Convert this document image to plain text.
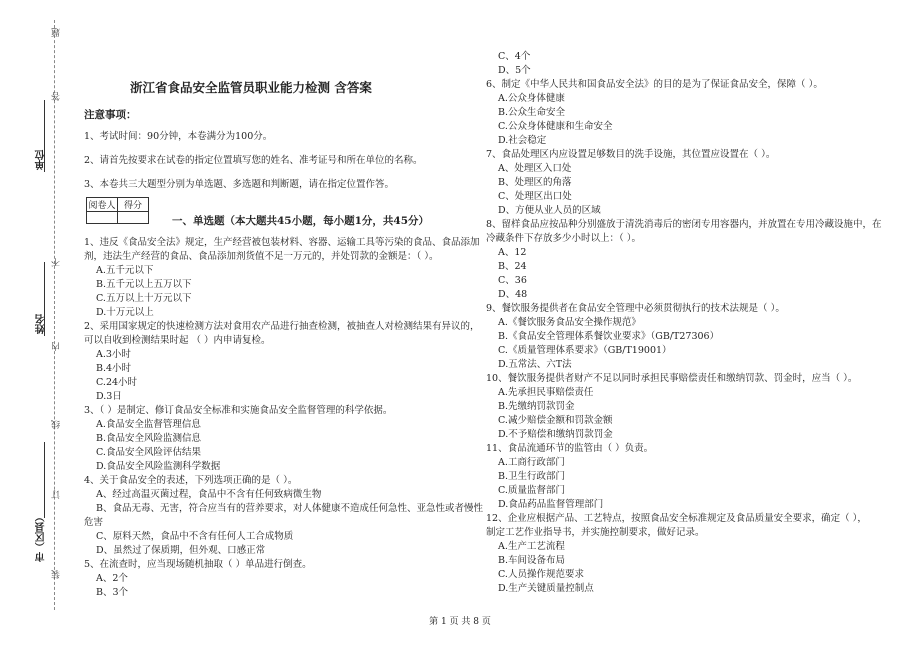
题
答
不
内
线
订
装
单位
姓名
市（区县）
浙江省食品安全监管员职业能力检测 含答案

注意事项：

1、考试时间：90分钟，本卷满分为100分。

2、请首先按要求在试卷的指定位置填写您的姓名、准考证号和所在单位的名称。

3、本卷共三大题型分别为单选题、多选题和判断题，请在指定位置作答。

阅卷人	得分

一、单选题（本大题共45小题，每小题1分，共45分）

1、违反《食品安全法》规定，生产经营被包装材料、容器、运输工具等污染的食品、食品添加

剂，违法生产经营的食品、食品添加剂货值不足一万元的，并处罚款的金额是：（ ）。

A.五千元以下

B.五千元以上五万以下

C.五万以上十万元以下

D.十万元以上

2、采用国家规定的快速检测方法对食用农产品进行抽查检测，被抽查人对检测结果有异议的，

可以自收到检测结果时起 （ ）内申请复检。

A.3小时

B.4小时

C.24小时

D.3日

3、（ ）是制定、修订食品安全标准和实施食品安全监督管理的科学依据。

A.食品安全监督管理信息

B.食品安全风险监测信息

C.食品安全风险评估结果

D.食品安全风险监测科学数据

4、关于食品安全的表述，下列选项正确的是（ ）。

A、经过高温灭菌过程，食品中不含有任何致病微生物

B、食品无毒、无害，符合应当有的营养要求，对人体健康不造成任何急性、亚急性或者慢性

危害

C、原料天然，食品中不含有任何人工合成物质

D、虽然过了保质期，但外观、口感正常

5、在流查时，应当现场随机抽取（ ）单品进行倒查。

A、2个

B、3个

C、4个

D、5个

6、制定《中华人民共和国食品安全法》的目的是为了保证食品安全，保障（ ）。

A.公众身体健康

B.公众生命安全

C.公众身体健康和生命安全

D.社会稳定

7、食品处理区内应设置足够数目的洗手设施，其位置应设置在（ ）。

A、处理区入口处

B、处理区的角落

C、处理区出口处

D、方便从业人员的区域

8、留样食品应按品种分别盛放于清洗消毒后的密闭专用容器内，并放置在专用冷藏设施中，在

冷藏条件下存放多少小时以上：（ ）。

A、12

B、24

C、36

D、48

9、餐饮服务提供者在食品安全管理中必须贯彻执行的技术法规是（ ）。

A.《餐饮服务食品安全操作规范》

B.《食品安全管理体系餐饮业要求》（GB/T27306）

C.《质量管理体系要求》（GB/T19001）

D.五常法、六T法

10、餐饮服务提供者财产不足以同时承担民事赔偿责任和缴纳罚款、罚金时，应当（ ）。

A.先承担民事赔偿责任

B.先缴纳罚款罚金

C.减少赔偿金额和罚款金额

D.不予赔偿和缴纳罚款罚金

11、食品流通环节的监管由（ ）负责。

A.工商行政部门

B.卫生行政部门

C.质量监督部门

D.食品药品监督管理部门

12、企业应根据产品、工艺特点，按照食品安全标准规定及食品质量安全要求，确定（ ），

制定工艺作业指导书，并实施控制要求，做好记录。

A.生产工艺流程

B.车间设备布局

C.人员操作规范要求

D.生产关键质量控制点

第 1 页 共 8 页
